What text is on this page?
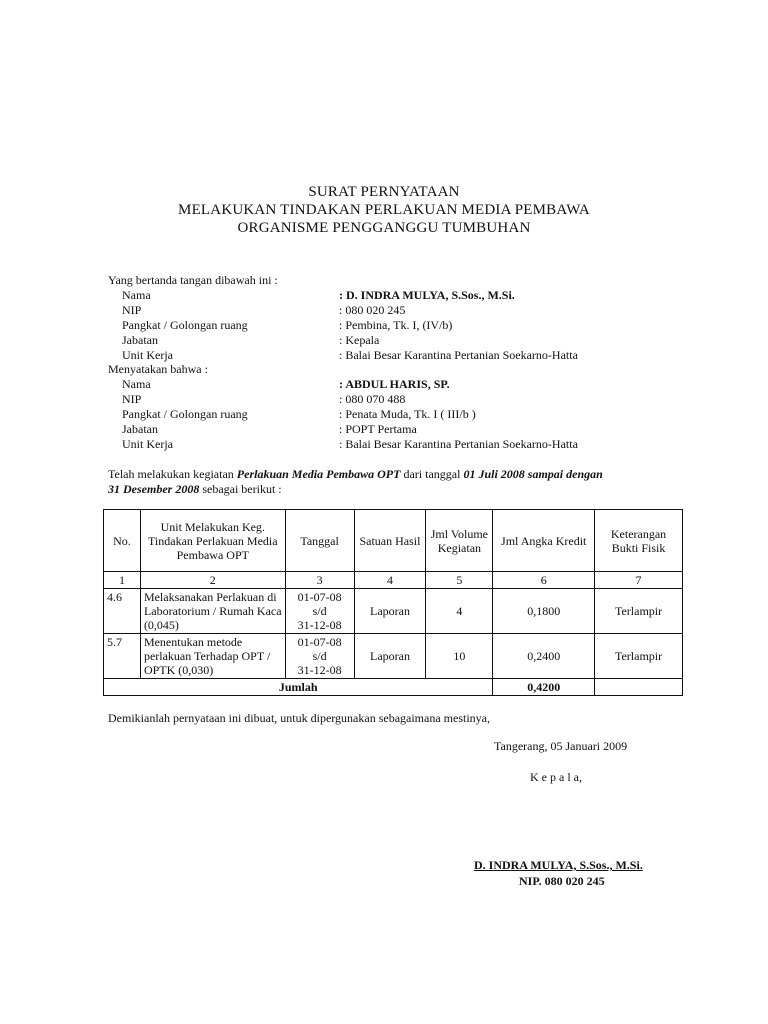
SURAT PERNYATAAN
MELAKUKAN TINDAKAN PERLAKUAN MEDIA PEMBAWA
ORGANISME PENGGANGGU TUMBUHAN
Yang bertanda tangan dibawah ini :
Nama	: D. INDRA MULYA, S.Sos., M.Si.
NIP	: 080 020 245
Pangkat / Golongan ruang	: Pembina, Tk. I, (IV/b)
Jabatan	: Kepala
Unit Kerja	: Balai Besar Karantina Pertanian Soekarno-Hatta
Menyatakan bahwa :
Nama	: ABDUL HARIS, SP.
NIP	: 080 070 488
Pangkat / Golongan ruang	: Penata Muda, Tk. I ( III/b )
Jabatan	: POPT Pertama
Unit Kerja	: Balai Besar Karantina Pertanian Soekarno-Hatta
Telah melakukan kegiatan Perlakuan Media Pembawa OPT dari tanggal 01 Juli 2008 sampai dengan
31 Desember 2008 sebagai berikut :
No.	Unit Melakukan Keg. Tindakan Perlakuan Media Pembawa OPT	Tanggal	Satuan Hasil	Jml Volume Kegiatan	Jml Angka Kredit	Keterangan Bukti Fisik
1	2	3	4	5	6	7
4.6	Melaksanakan Perlakuan di Laboratorium / Rumah Kaca (0,045)	01-07-08
s/d
31-12-08	Laporan	4	0,1800	Terlampir
5.7	Menentukan metode perlakuan Terhadap OPT / OPTK (0,030)	01-07-08
s/d
31-12-08	Laporan	10	0,2400	Terlampir
Jumlah					0,4200	
Demikianlah pernyataan ini dibuat, untuk dipergunakan sebagaimana mestinya,
Tangerang, 05 Januari 2009
K e p a l a,
D. INDRA MULYA, S.Sos., M.Si.
NIP. 080 020 245
